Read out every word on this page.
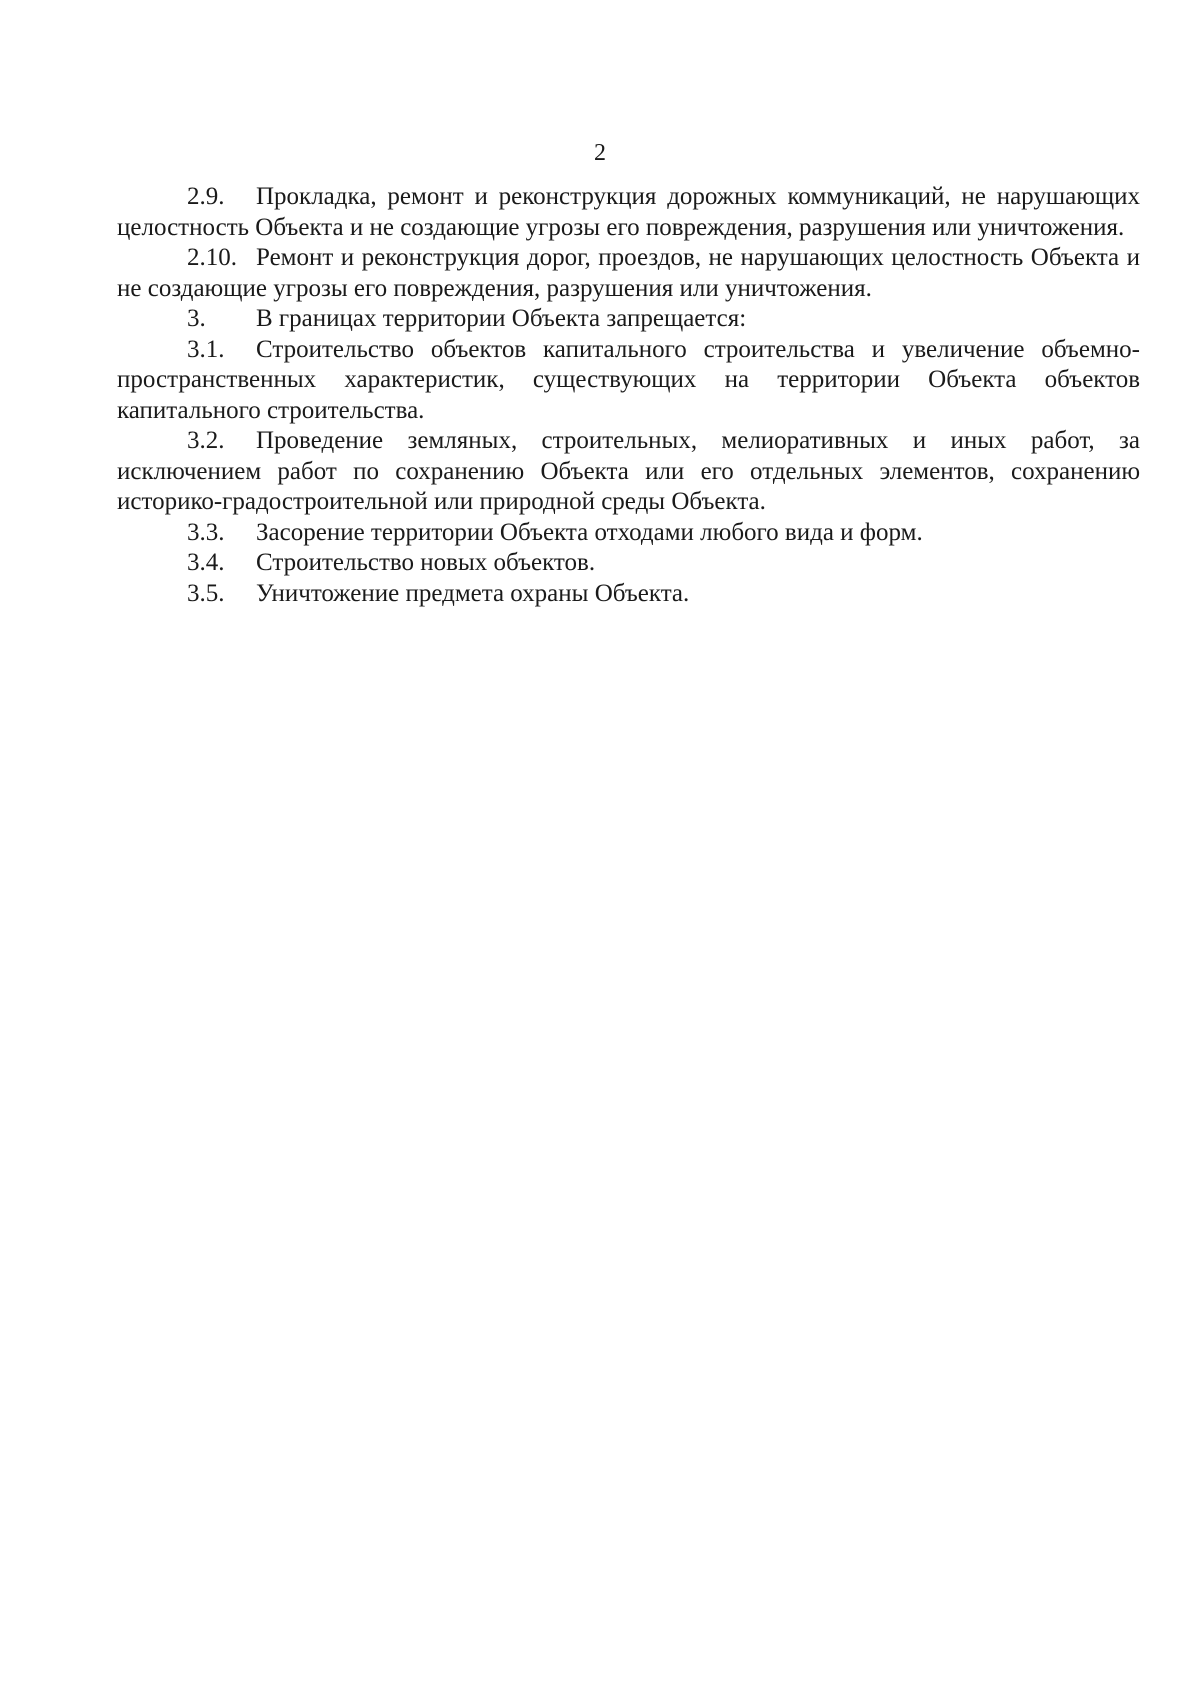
2

2.9. Прокладка, ремонт и реконструкция дорожных коммуникаций, не нарушающих целостность Объекта и не создающие угрозы его повреждения, разрушения или уничтожения.

2.10. Ремонт и реконструкция дорог, проездов, не нарушающих целостность Объекта и не создающие угрозы его повреждения, разрушения или уничтожения.

3. В границах территории Объекта запрещается:

3.1. Строительство объектов капитального строительства и увеличение объемно-пространственных характеристик, существующих на территории Объекта объектов капитального строительства.

3.2. Проведение земляных, строительных, мелиоративных и иных работ, за исключением работ по сохранению Объекта или его отдельных элементов, сохранению историко-градостроительной или природной среды Объекта.

3.3. Засорение территории Объекта отходами любого вида и форм.

3.4. Строительство новых объектов.

3.5. Уничтожение предмета охраны Объекта.
